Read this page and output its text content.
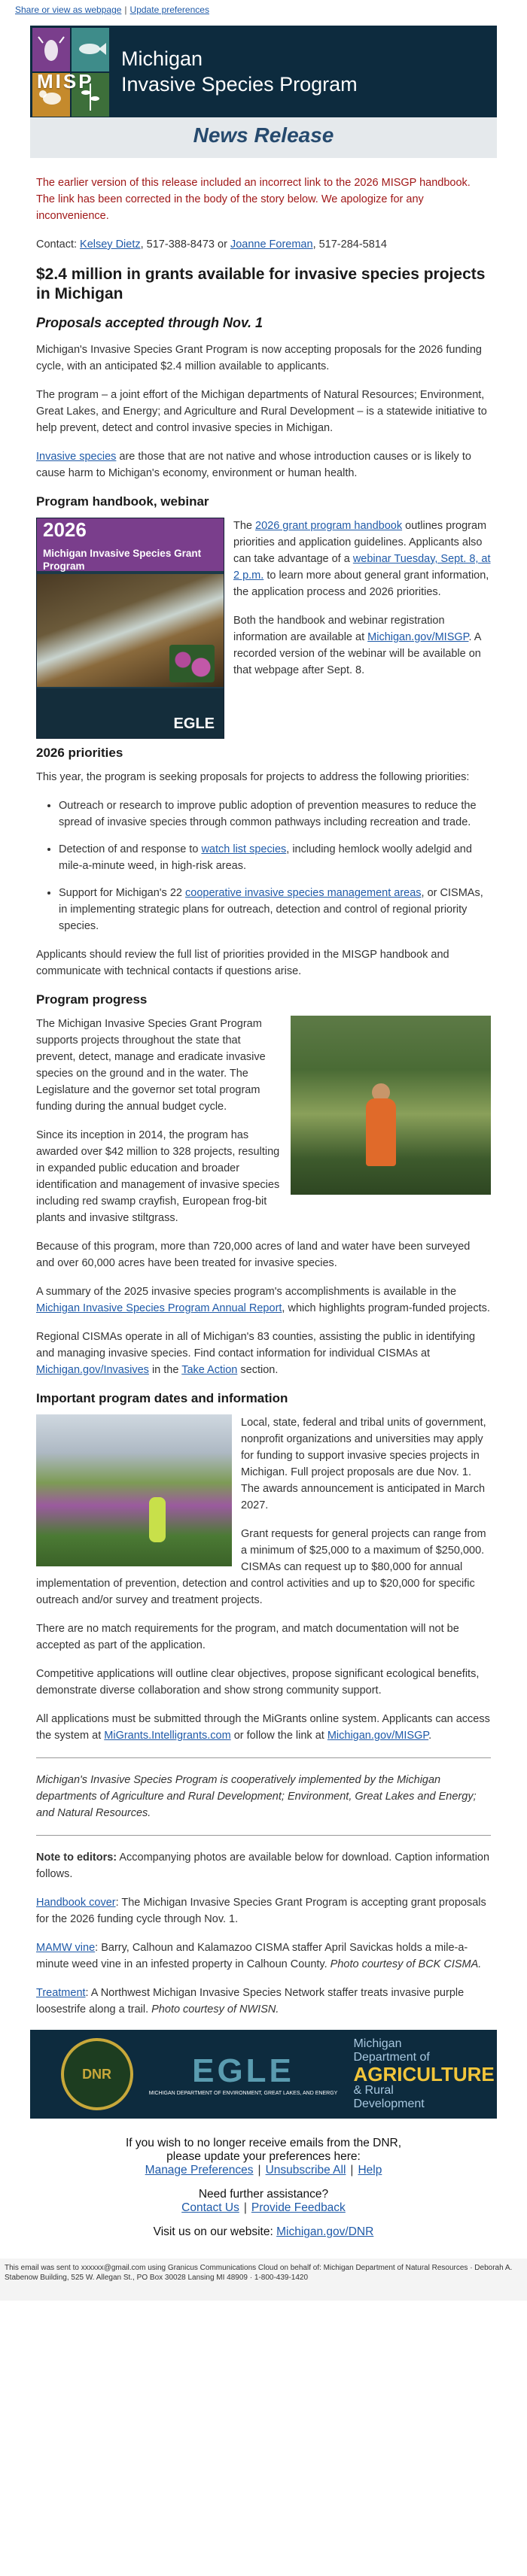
Share or view as webpage | Update preferences
MISP
Michigan
Invasive Species Program
News Release

The earlier version of this release included an incorrect link to the 2026 MISGP handbook. The link has been corrected in the body of the story below. We apologize for any inconvenience.

Contact: Kelsey Dietz, 517-388-8473 or Joanne Foreman, 517-284-5814

$2.4 million in grants available for invasive species projects in Michigan
Proposals accepted through Nov. 1

Michigan's Invasive Species Grant Program is now accepting proposals for the 2026 funding cycle, with an anticipated $2.4 million available to applicants.

The program – a joint effort of the Michigan departments of Natural Resources; Environment, Great Lakes, and Energy; and Agriculture and Rural Development – is a statewide initiative to help prevent, detect and control invasive species in Michigan.

Invasive species are those that are not native and whose introduction causes or is likely to cause harm to Michigan's economy, environment or human health.

Program handbook, webinar
2026
Michigan Invasive Species Grant Program
EGLE

The 2026 grant program handbook outlines program priorities and application guidelines. Applicants also can take advantage of a webinar Tuesday, Sept. 8, at 2 p.m. to learn more about general grant information, the application process and 2026 priorities.

Both the handbook and webinar registration information are available at Michigan.gov/MISGP. A recorded version of the webinar will be available on that webpage after Sept. 8.

2026 priorities

This year, the program is seeking proposals for projects to address the following priorities:

• Outreach or research to improve public adoption of prevention measures to reduce the spread of invasive species through common pathways including recreation and trade.
• Detection of and response to watch list species, including hemlock woolly adelgid and mile-a-minute weed, in high-risk areas.
• Support for Michigan's 22 cooperative invasive species management areas, or CISMAs, in implementing strategic plans for outreach, detection and control of regional priority species.

Applicants should review the full list of priorities provided in the MISGP handbook and communicate with technical contacts if questions arise.

Program progress

The Michigan Invasive Species Grant Program supports projects throughout the state that prevent, detect, manage and eradicate invasive species on the ground and in the water. The Legislature and the governor set total program funding during the annual budget cycle.

Since its inception in 2014, the program has awarded over $42 million to 328 projects, resulting in expanded public education and broader identification and management of invasive species including red swamp crayfish, European frog-bit plants and invasive stiltgrass.

Because of this program, more than 720,000 acres of land and water have been surveyed and over 60,000 acres have been treated for invasive species.

A summary of the 2025 invasive species program's accomplishments is available in the Michigan Invasive Species Program Annual Report, which highlights program-funded projects.

Regional CISMAs operate in all of Michigan's 83 counties, assisting the public in identifying and managing invasive species. Find contact information for individual CISMAs at Michigan.gov/Invasives in the Take Action section.

Important program dates and information

Local, state, federal and tribal units of government, nonprofit organizations and universities may apply for funding to support invasive species projects in Michigan. Full project proposals are due Nov. 1. The awards announcement is anticipated in March 2027.

Grant requests for general projects can range from a minimum of $25,000 to a maximum of $250,000. CISMAs can request up to $80,000 for annual implementation of prevention, detection and control activities and up to $20,000 for specific outreach and/or survey and treatment projects.

There are no match requirements for the program, and match documentation will not be accepted as part of the application.

Competitive applications will outline clear objectives, propose significant ecological benefits, demonstrate diverse collaboration and show strong community support.

All applications must be submitted through the MiGrants online system. Applicants can access the system at MiGrants.Intelligrants.com or follow the link at Michigan.gov/MISGP.

Michigan's Invasive Species Program is cooperatively implemented by the Michigan departments of Agriculture and Rural Development; Environment, Great Lakes and Energy; and Natural Resources.

Note to editors: Accompanying photos are available below for download. Caption information follows.

Handbook cover: The Michigan Invasive Species Grant Program is accepting grant proposals for the 2026 funding cycle through Nov. 1.

MAMW vine: Barry, Calhoun and Kalamazoo CISMA staffer April Savickas holds a mile-a-minute weed vine in an infested property in Calhoun County. Photo courtesy of BCK CISMA.

Treatment: A Northwest Michigan Invasive Species Network staffer treats invasive purple loosestrife along a trail. Photo courtesy of NWISN.

DNR	EGLE
MICHIGAN DEPARTMENT OF ENVIRONMENT, GREAT LAKES, AND ENERGY
Michigan Department of
AGRICULTURE
& Rural Development
If you wish to no longer receive emails from the DNR,
please update your preferences here:
Manage Preferences | Unsubscribe All | Help
Need further assistance?
Contact Us | Provide Feedback
Visit us on our website: Michigan.gov/DNR
This email was sent to xxxxxx@gmail.com using Granicus Communications Cloud on behalf of: Michigan Department of Natural Resources · Deborah A. Stabenow Building, 525 W. Allegan St., PO Box 30028 Lansing MI 48909 · 1-800-439-1420
